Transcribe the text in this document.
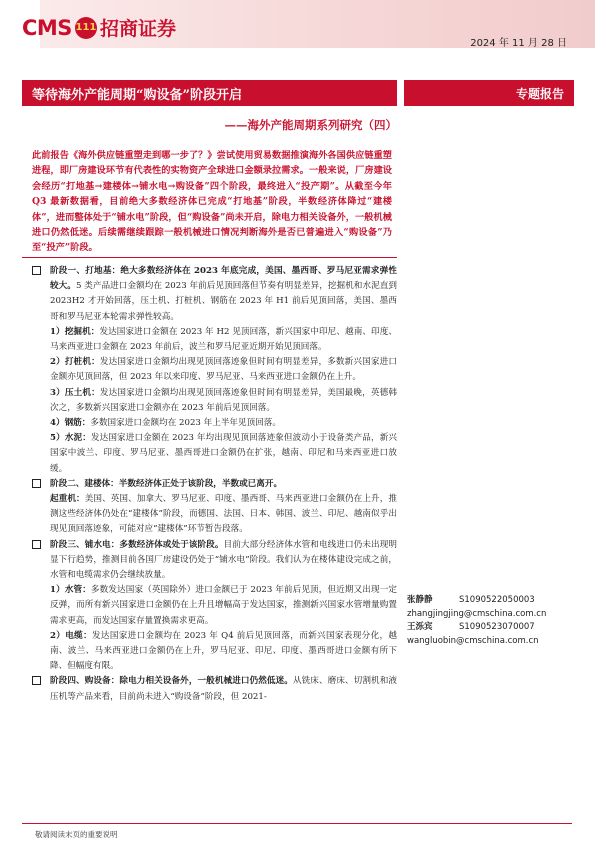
CMS 111 招商证券
2024 年 11 月 28 日
等待海外产能周期“购设备”阶段开启	专题报告
——海外产能周期系列研究（四）
此前报告《海外供应链重塑走到哪一步了？》尝试使用贸易数据推演海外各国供应链重塑进程，即厂房建设环节有代表性的实物资产全球进口金额录拉需求。一般来说，厂房建设会经历“打地基→建楼体→铺水电→购设备”四个阶段，最终进入“投产期”。从截至今年 Q3 最新数据看，目前绝大多数经济体已完成“打地基”阶段，半数经济体降过“建楼体”，进而整体处于“铺水电”阶段，但“购设备”尚未开启，除电力相关设备外，一般机械进口仍然低迷。后续需继续跟踪一般机械进口情况判断海外是否已普遍进入“购设备”乃至“投产”阶段。

阶段一、打地基：绝大多数经济体在 2023 年底完成，美国、墨西哥、罗马尼亚需求弹性较大。5 类产品进口金额均在 2023 年前后见顶回落但节奏有明显差异，挖掘机和水泥直到 2023H2 才开始回落，压土机、打桩机、钢筋在 2023 年 H1 前后见顶回落，美国、墨西哥和罗马尼亚本轮需求弹性较高。

1）挖掘机：发达国家进口金额在 2023 年 H2 见顶回落，新兴国家中印尼、越南、印度、马来西亚进口金额在 2023 年前后，波兰和罗马尼亚近期开始见顶回落。

2）打桩机：发达国家进口金额均出现见顶回落迹象但时间有明显差异，多数新兴国家进口金额亦见顶回落，但 2023 年以来印度、罗马尼亚、马来西亚进口金额仍在上升。

3）压土机：发达国家进口金额均出现见顶回落迹象但时间有明显差异，美国最晚，英德韩次之，多数新兴国家进口金额亦在 2023 年前后见顶回落。

4）钢筋：多数国家进口金额均在 2023 年上半年见顶回落。

5）水泥：发达国家进口金额在 2023 年均出现见顶回落迹象但波动小于设备类产品，新兴国家中波兰、印度、罗马尼亚、墨西哥进口金额仍在扩张，越南、印尼和马来西亚进口放缓。

阶段二、建楼体：半数经济体正处于该阶段，半数或已离开。

起重机：美国、英国、加拿大、罗马尼亚、印度、墨西哥、马来西亚进口金额仍在上升，推测这些经济体仍处在“建楼体”阶段，而德国、法国、日本、韩国、波兰、印尼、越南似乎出现见顶回落迹象，可能对应“建楼体”环节暂告段落。

阶段三、铺水电：多数经济体或处于该阶段。目前大部分经济体水管和电线进口仍未出现明显下行趋势，推测目前各国厂房建设仍处于“铺水电”阶段。我们认为在楼体建设完成之前，水管和电缆需求仍会继续放量。

1）水管：多数发达国家（英国除外）进口金额已于 2023 年前后见顶，但近期又出现一定反弹，而所有新兴国家进口金额仍在上升且增幅高于发达国家，推测新兴国家水管增量购置需求更高，而发达国家存量置换需求更高。

2）电缆：发达国家进口金额均在 2023 年 Q4 前后见顶回落，而新兴国家表现分化，越南、波兰、马来西亚进口金额仍在上升，罗马尼亚、印尼、印度、墨西哥进口金额有所下降、但幅度有限。

阶段四、购设备：除电力相关设备外，一般机械进口仍然低迷。从铣床、磨床、切割机和液压机等产品来看，目前尚未进入“购设备”阶段，但 2021-

张静静	S1090522050003
zhangjingjing@cmschina.com.cn
王泺宾	S1090523070007
wangluobin@cmschina.com.cn
敬请阅读末页的重要说明
